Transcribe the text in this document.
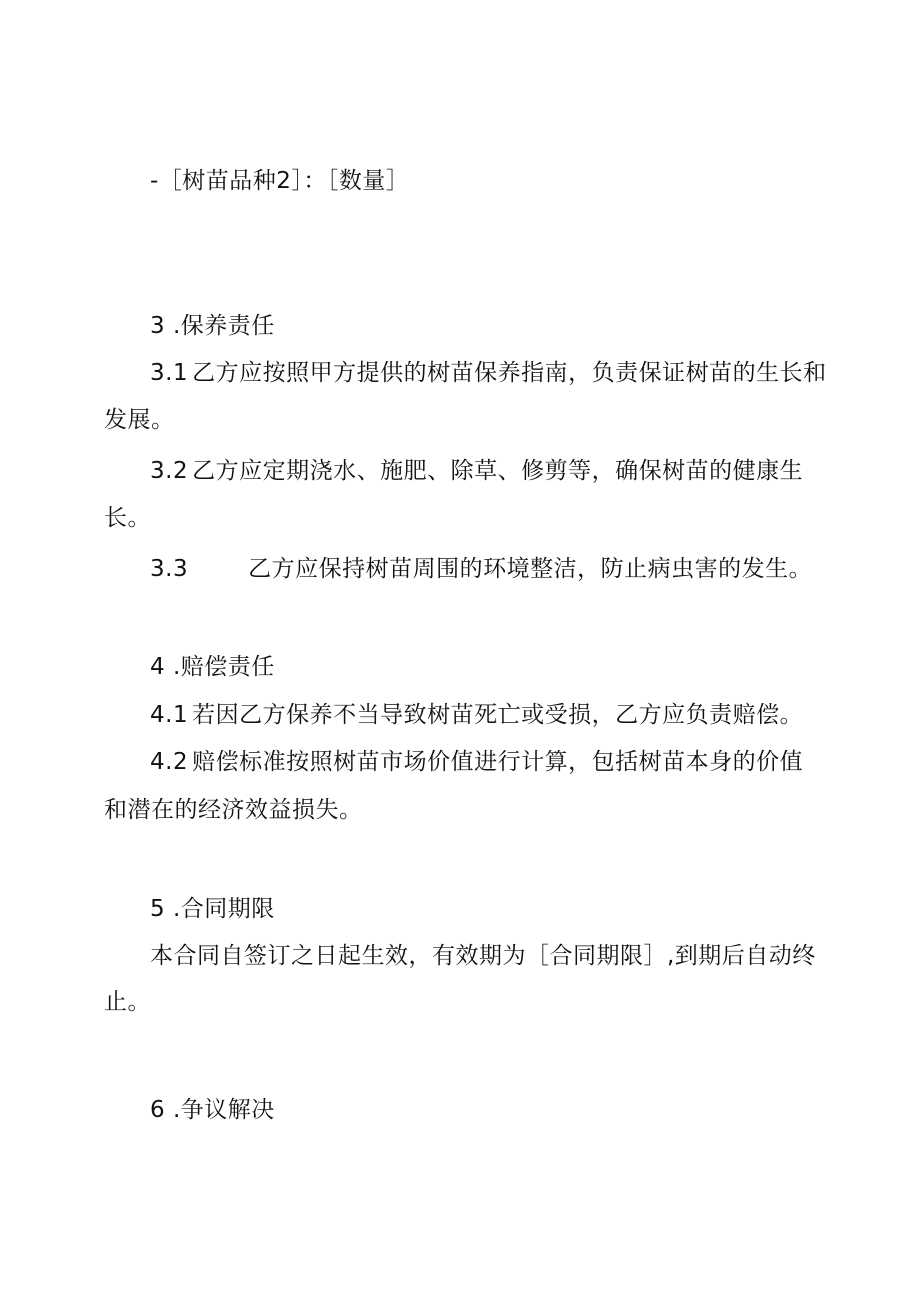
-［树苗品种2］：［数量］
3 .保养责任
3.1 乙方应按照甲方提供的树苗保养指南，负责保证树苗的生长和
发展。
3.2 乙方应定期浇水、施肥、除草、修剪等，确保树苗的健康生
长。
3.3	乙方应保持树苗周围的环境整洁，防止病虫害的发生。
4 .赔偿责任
4.1 若因乙方保养不当导致树苗死亡或受损，乙方应负责赔偿。
4.2 赔偿标准按照树苗市场价值进行计算，包括树苗本身的价值
和潜在的经济效益损失。
5 .合同期限
本合同自签订之日起生效，有效期为［合同期限］,到期后自动终
止。
6 .争议解决
